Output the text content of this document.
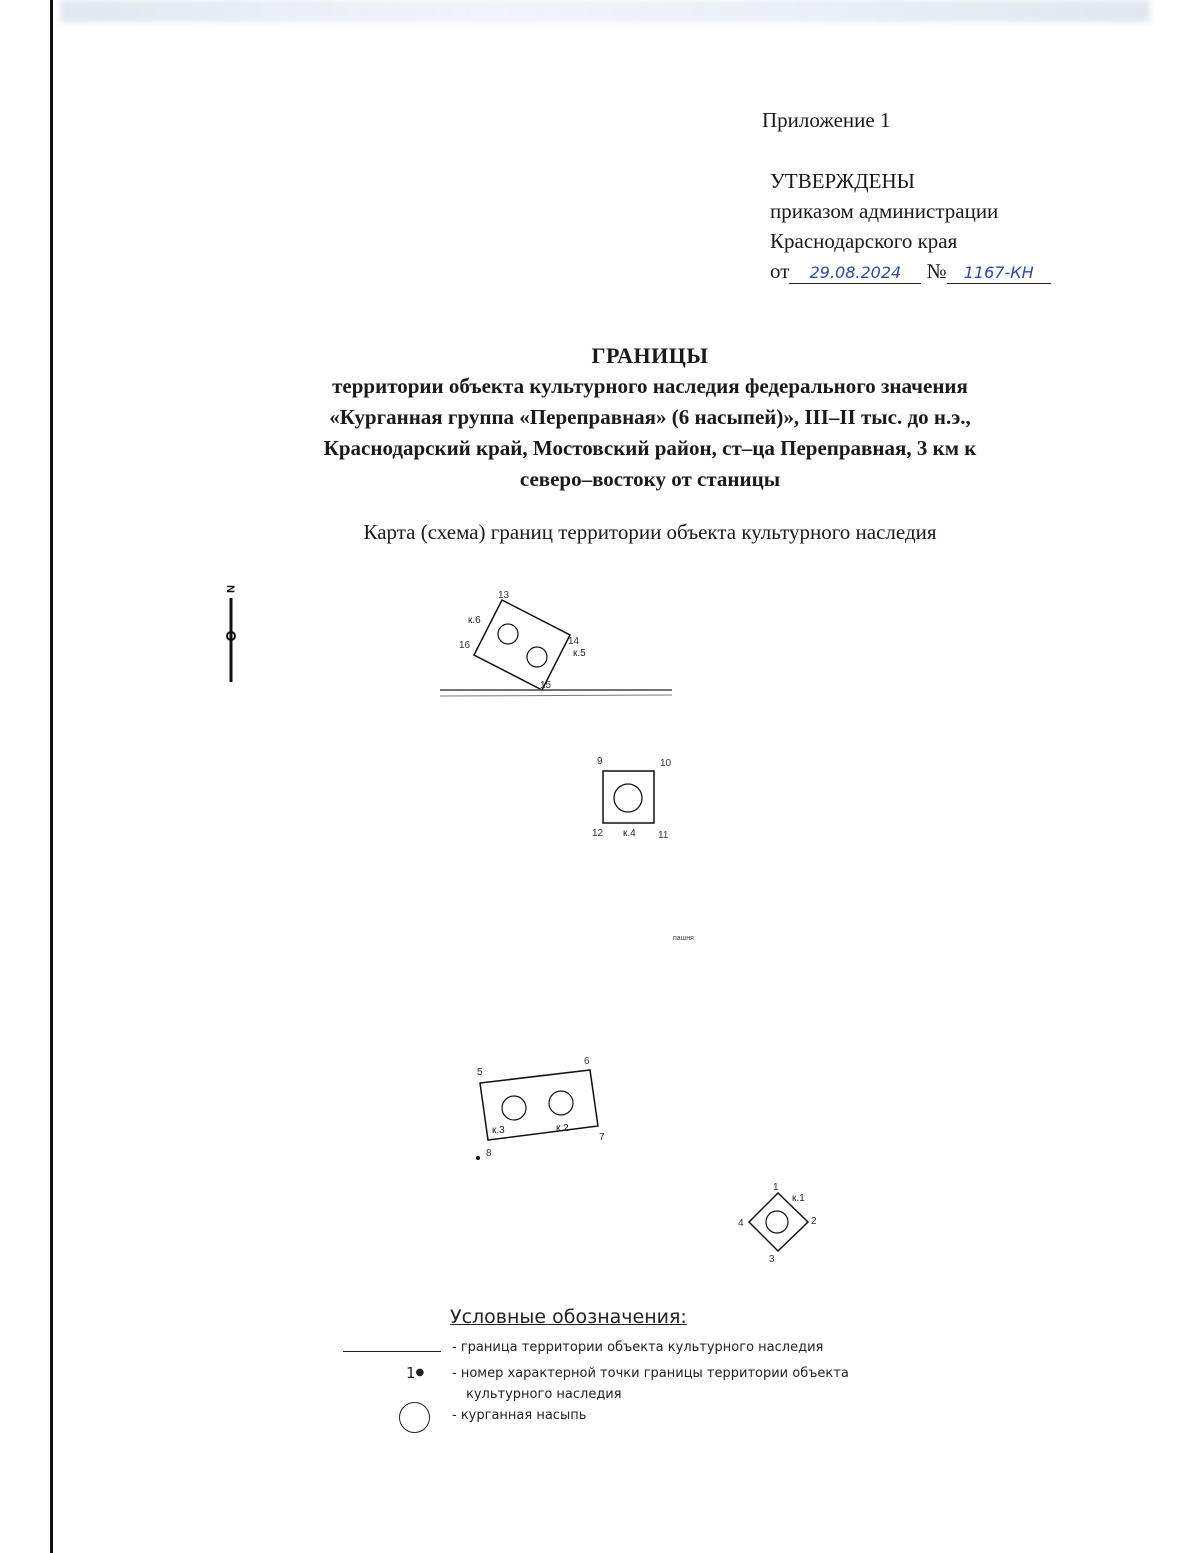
Приложение 1
УТВЕРЖДЕНЫ
приказом администрации
Краснодарского края
от 29.08.2024 № 1167-КН
ГРАНИЦЫ
территории объекта культурного наследия федерального значения
«Курганная группа «Переправная» (6 насыпей)», III–II тыс. до н.э.,
Краснодарский край, Мостовский район, ст–ца Переправная, 3 км к
северо–востоку от станицы
Карта (схема) границ территории объекта культурного наследия
N
13
14
15
16
к.6
к.5
9	10
11
12 к.4
пашня
5
6
7
8
к.3	к.2
1
2
3
4
к.1
Условные обозначения:
- граница территории объекта культурного наследия
1● - номер характерной точки границы территории объекта
культурного наследия
- курганная насыпь
